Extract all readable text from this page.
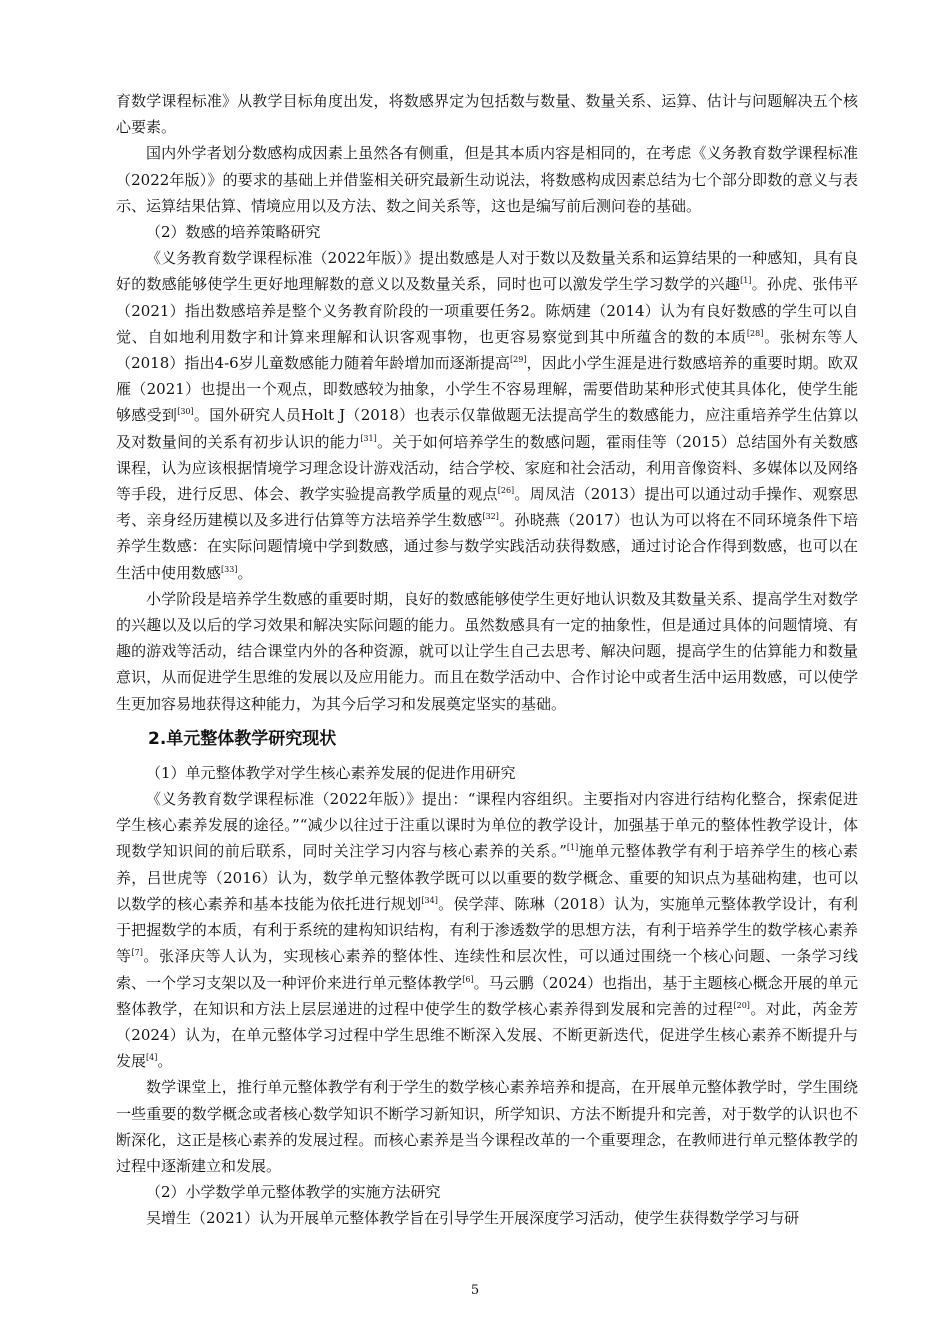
育数学课程标准》从教学目标角度出发，将数感界定为包括数与数量、数量关系、运算、估计与问题解决五个核心要素。

国内外学者划分数感构成因素上虽然各有侧重，但是其本质内容是相同的，在考虑《义务教育数学课程标准（2022年版）》的要求的基础上并借鉴相关研究最新生动说法，将数感构成因素总结为七个部分即数的意义与表示、运算结果估算、情境应用以及方法、数之间关系等，这也是编写前后测问卷的基础。

（2）数感的培养策略研究

《义务教育数学课程标准（2022年版）》提出数感是人对于数以及数量关系和运算结果的一种感知，具有良好的数感能够使学生更好地理解数的意义以及数量关系，同时也可以激发学生学习数学的兴趣[1]。孙虎、张伟平（2021）指出数感培养是整个义务教育阶段的一项重要任务2。陈炳建（2014）认为有良好数感的学生可以自觉、自如地利用数字和计算来理解和认识客观事物，也更容易察觉到其中所蕴含的数的本质[28]。张树东等人（2018）指出4-6岁儿童数感能力随着年龄增加而逐渐提高[29]，因此小学生涯是进行数感培养的重要时期。欧双雁（2021）也提出一个观点，即数感较为抽象，小学生不容易理解，需要借助某种形式使其具体化，使学生能够感受到[30]。国外研究人员Holt J（2018）也表示仅靠做题无法提高学生的数感能力，应注重培养学生估算以及对数量间的关系有初步认识的能力[31]。关于如何培养学生的数感问题，霍雨佳等（2015）总结国外有关数感课程，认为应该根据情境学习理念设计游戏活动，结合学校、家庭和社会活动，利用音像资料、多媒体以及网络等手段，进行反思、体会、教学实验提高教学质量的观点[26]。周凤洁（2013）提出可以通过动手操作、观察思考、亲身经历建模以及多进行估算等方法培养学生数感[32]。孙晓燕（2017）也认为可以将在不同环境条件下培养学生数感：在实际问题情境中学到数感，通过参与数学实践活动获得数感，通过讨论合作得到数感，也可以在生活中使用数感[33]。

小学阶段是培养学生数感的重要时期，良好的数感能够使学生更好地认识数及其数量关系、提高学生对数学的兴趣以及以后的学习效果和解决实际问题的能力。虽然数感具有一定的抽象性，但是通过具体的问题情境、有趣的游戏等活动，结合课堂内外的各种资源，就可以让学生自己去思考、解决问题，提高学生的估算能力和数量意识，从而促进学生思维的发展以及应用能力。而且在数学活动中、合作讨论中或者生活中运用数感，可以使学生更加容易地获得这种能力，为其今后学习和发展奠定坚实的基础。

2.单元整体教学研究现状

（1）单元整体教学对学生核心素养发展的促进作用研究

《义务教育数学课程标准（2022年版）》提出：“课程内容组织。主要指对内容进行结构化整合，探索促进学生核心素养发展的途径。”“减少以往过于注重以课时为单位的教学设计，加强基于单元的整体性教学设计，体现数学知识间的前后联系，同时关注学习内容与核心素养的关系。”[1]施单元整体教学有利于培养学生的核心素养，吕世虎等（2016）认为，数学单元整体教学既可以以重要的数学概念、重要的知识点为基础构建，也可以以数学的核心素养和基本技能为依托进行规划[34]。侯学萍、陈琳（2018）认为，实施单元整体教学设计，有利于把握数学的本质，有利于系统的建构知识结构，有利于渗透数学的思想方法，有利于培养学生的数学核心素养等[7]。张泽庆等人认为，实现核心素养的整体性、连续性和层次性，可以通过围绕一个核心问题、一条学习线索、一个学习支架以及一种评价来进行单元整体教学[6]。马云鹏（2024）也指出，基于主题核心概念开展的单元整体教学，在知识和方法上层层递进的过程中使学生的数学核心素养得到发展和完善的过程[20]。对此，芮金芳（2024）认为，在单元整体学习过程中学生思维不断深入发展、不断更新迭代，促进学生核心素养不断提升与发展[4]。

数学课堂上，推行单元整体教学有利于学生的数学核心素养培养和提高，在开展单元整体教学时，学生围绕一些重要的数学概念或者核心数学知识不断学习新知识，所学知识、方法不断提升和完善，对于数学的认识也不断深化，这正是核心素养的发展过程。而核心素养是当今课程改革的一个重要理念，在教师进行单元整体教学的过程中逐渐建立和发展。

（2）小学数学单元整体教学的实施方法研究

吴增生（2021）认为开展单元整体教学旨在引导学生开展深度学习活动，使学生获得数学学习与研

5
